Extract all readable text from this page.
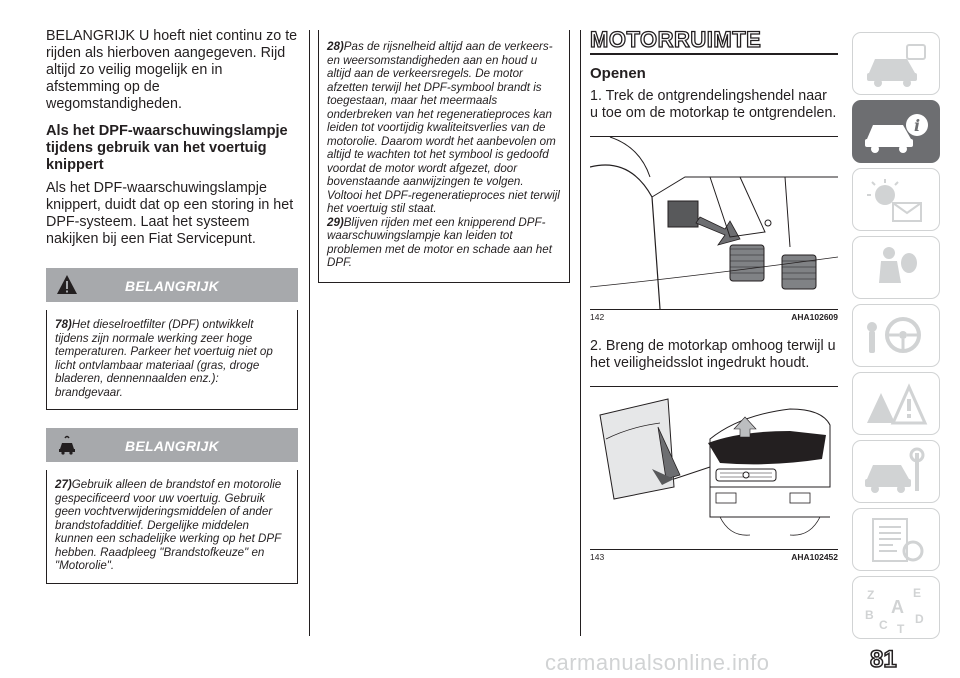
BELANGRIJK U hoeft niet continu zo te rijden als hierboven aangegeven. Rijd altijd zo veilig mogelijk en in afstemming op de wegomstandigheden.

Als het DPF-waarschuwingslampje tijdens gebruik van het voertuig knippert

Als het DPF-waarschuwingslampje knippert, duidt dat op een storing in het DPF-systeem. Laat het systeem nakijken bij een Fiat Servicepunt.

BELANGRIJK

78)Het dieselroetfilter (DPF) ontwikkelt tijdens zijn normale werking zeer hoge temperaturen. Parkeer het voertuig niet op licht ontvlambaar materiaal (gras, droge bladeren, dennennaalden enz.): brandgevaar.

BELANGRIJK

27)Gebruik alleen de brandstof en motorolie gespecificeerd voor uw voertuig. Gebruik geen vochtverwijderingsmiddelen of ander brandstofadditief. Dergelijke middelen kunnen een schadelijke werking op het DPF hebben. Raadpleeg "Brandstofkeuze" en "Motorolie".

28)Pas de rijsnelheid altijd aan de verkeers- en weersomstandigheden aan en houd u altijd aan de verkeersregels. De motor afzetten terwijl het DPF-symbool brandt is toegestaan, maar het meermaals onderbreken van het regeneratieproces kan leiden tot voortijdig kwaliteitsverlies van de motorolie. Daarom wordt het aanbevolen om altijd te wachten tot het symbool is gedoofd voordat de motor wordt afgezet, door bovenstaande aanwijzingen te volgen. Voltooi het DPF-regeneratieproces niet terwijl het voertuig stil staat.

29)Blijven rijden met een knipperend DPF-waarschuwingslampje kan leiden tot problemen met de motor en schade aan het DPF.

MOTORRUIMTE
Openen

1. Trek de ontgrendelingshendel naar u toe om de motorkap te ontgrendelen.

142	AHA102609

2. Breng de motorkap omhoog terwijl u het veiligheidsslot ingedrukt houdt.

143	AHA102452
i
Z	E
A
B	D
C T
carmanualsonline.info	81
